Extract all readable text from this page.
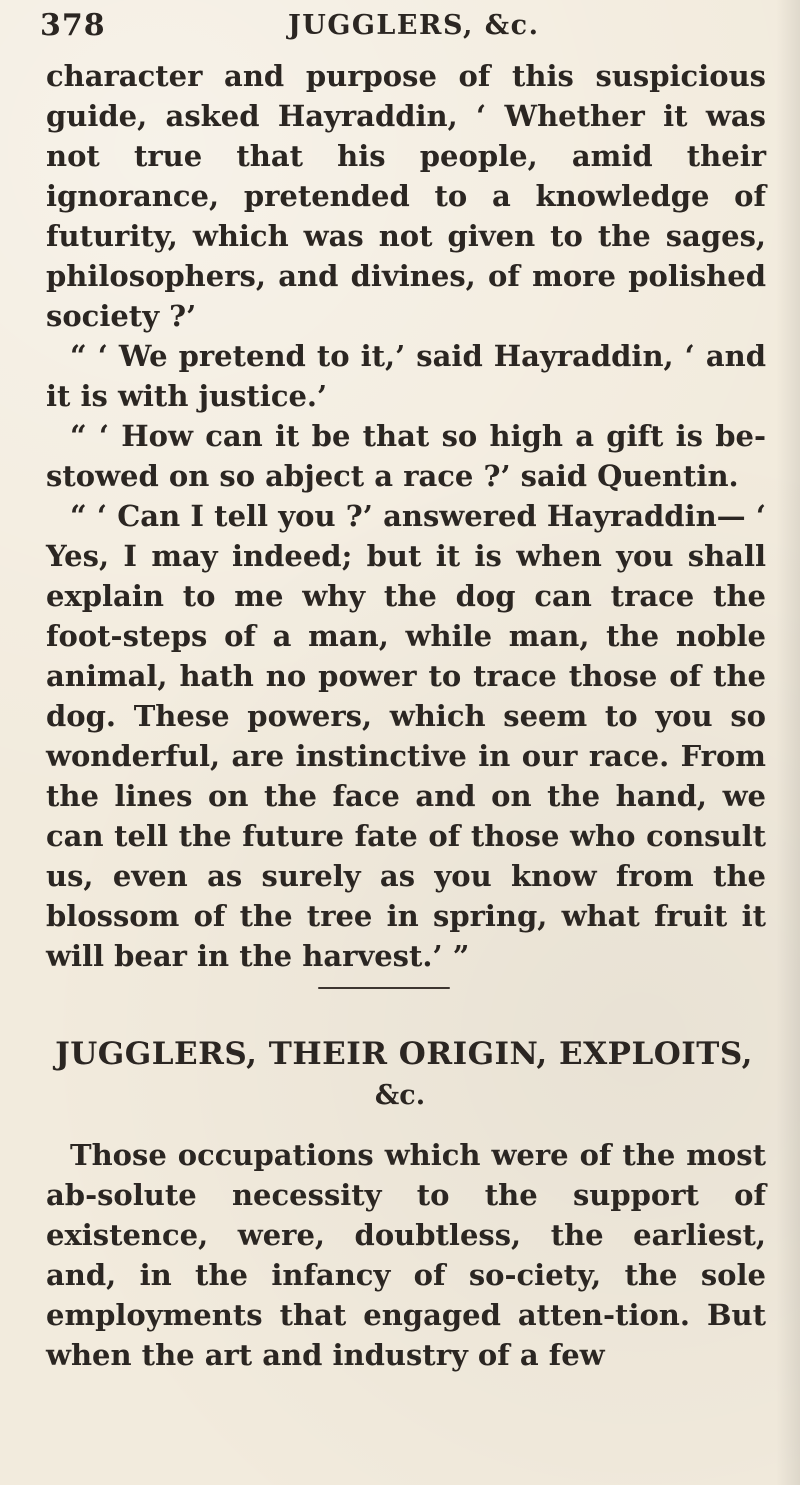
378	JUGGLERS, &c.

character and purpose of this suspicious guide, asked Hayraddin, ‘ Whether it was not true that his people, amid their ignorance, pretended to a knowledge of futurity, which was not given to the sages, philosophers, and divines, of more polished society ?’

“ ‘ We pretend to it,’ said Hayraddin, ‘ and it is with justice.’

“ ‘ How can it be that so high a gift is be-stowed on so abject a race ?’ said Quentin.

“ ‘ Can I tell you ?’ answered Hayraddin— ‘ Yes, I may indeed; but it is when you shall explain to me why the dog can trace the foot-steps of a man, while man, the noble animal, hath no power to trace those of the dog. These powers, which seem to you so wonderful, are instinctive in our race. From the lines on the face and on the hand, we can tell the future fate of those who consult us, even as surely as you know from the blossom of the tree in spring, what fruit it will bear in the harvest.’ ”

JUGGLERS, THEIR ORIGIN, EXPLOITS,
&c.

Those occupations which were of the most ab-solute necessity to the support of existence, were, doubtless, the earliest, and, in the infancy of so-ciety, the sole employments that engaged atten-tion. But when the art and industry of a few
